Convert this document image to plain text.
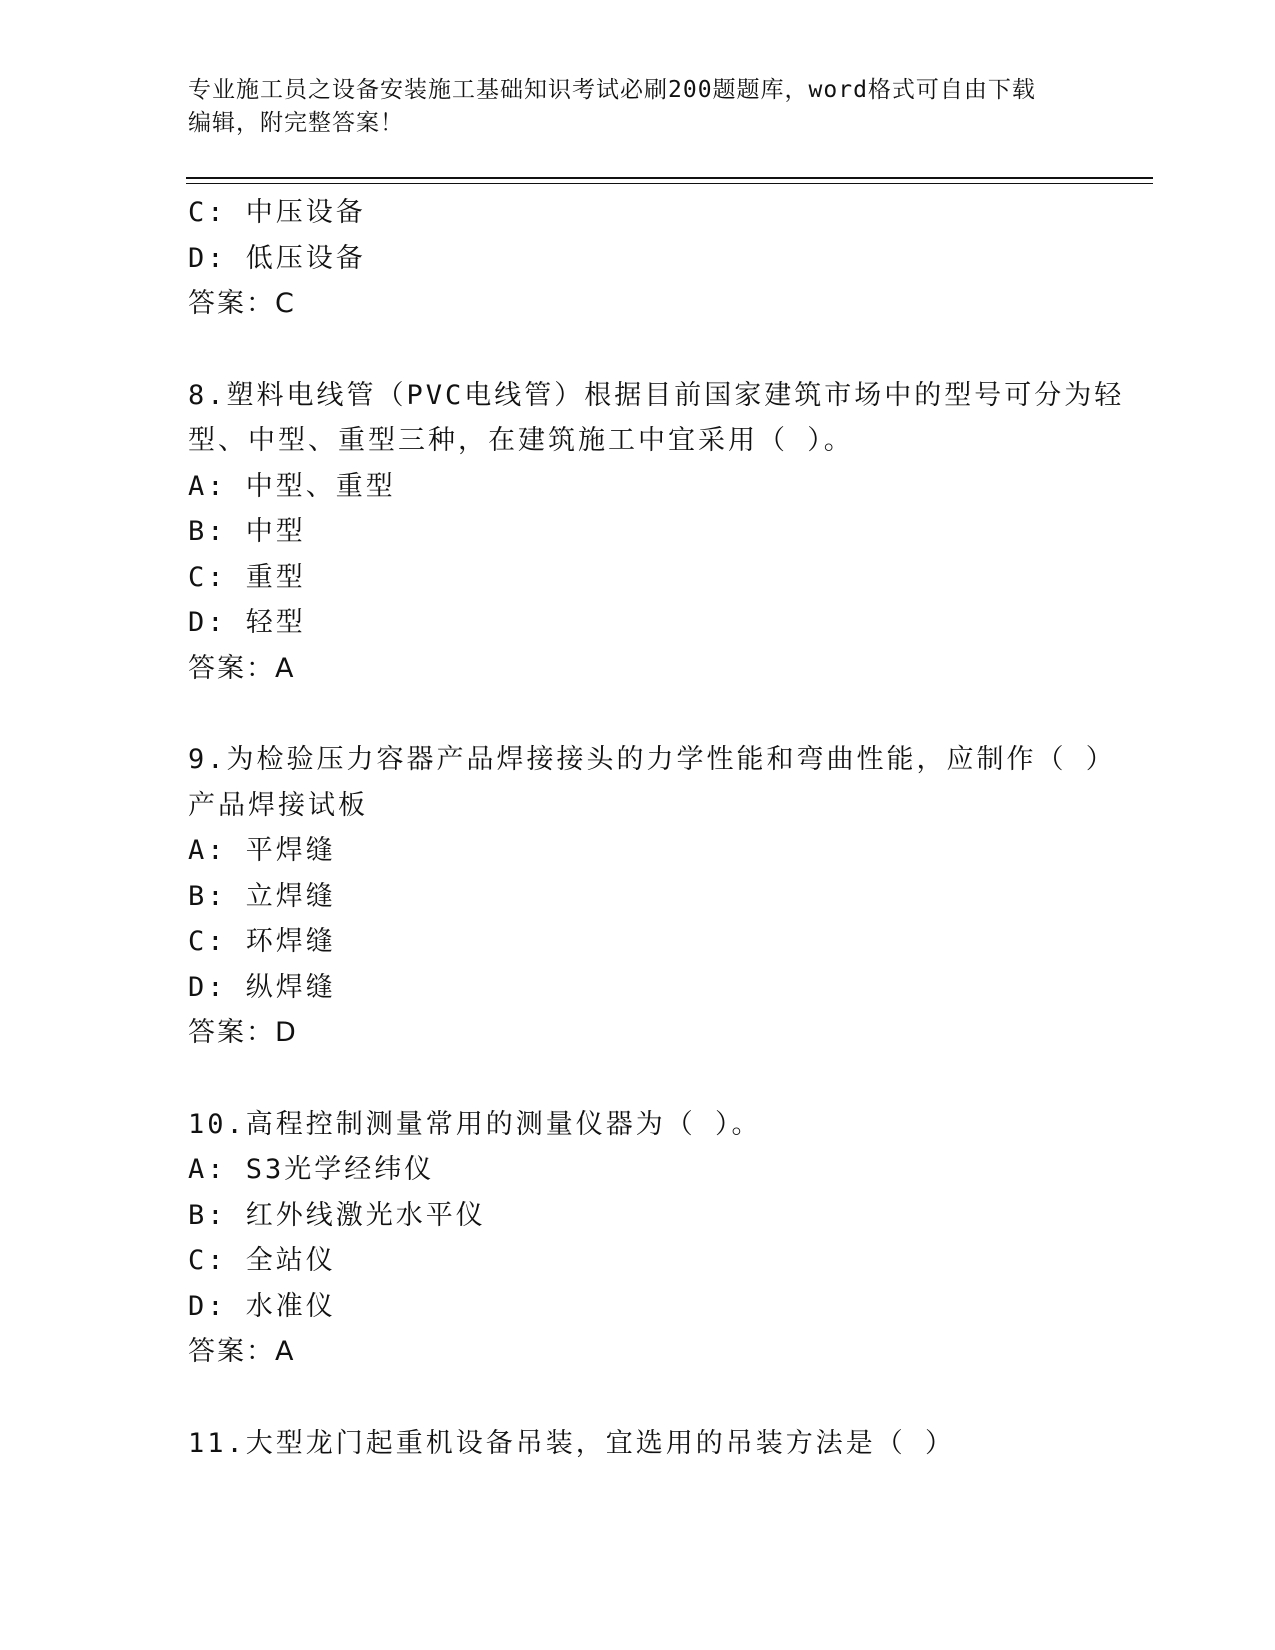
专业施工员之设备安装施工基础知识考试必刷200题题库，word格式可自由下载
编辑，附完整答案！
C: 中压设备
D: 低压设备
答案：C
8.塑料电线管（PVC电线管）根据目前国家建筑市场中的型号可分为轻
型、中型、重型三种，在建筑施工中宜采用（ ）。
A: 中型、重型
B: 中型
C: 重型
D: 轻型
答案：A
9.为检验压力容器产品焊接接头的力学性能和弯曲性能，应制作（ ）
产品焊接试板
A: 平焊缝
B: 立焊缝
C: 环焊缝
D: 纵焊缝
答案：D
10.高程控制测量常用的测量仪器为（ ）。
A: S3光学经纬仪
B: 红外线激光水平仪
C: 全站仪
D: 水准仪
答案：A
11.大型龙门起重机设备吊装，宜选用的吊装方法是（ ）
